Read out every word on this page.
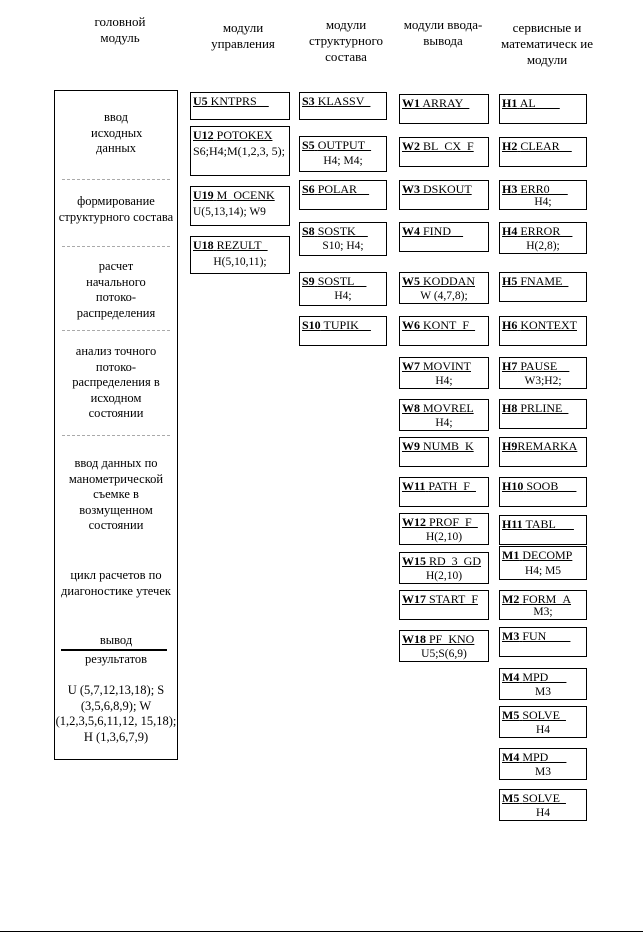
головной модуль
модули управления
модули структурного состава
модули ввода-вывода
сервисные и математическ ие модули
ввод исходных данных
формирование структурного состава
расчет начального потоко-распределения
анализ точного потоко-распределения в исходном состоянии
ввод данных по манометрической съемке в возмущенном состоянии
цикл расчетов по диагоностике утечек
вывод
результатов
U (5,7,12,13,18); S (3,5,6,8,9); W (1,2,3,5,6,11,12, 15,18); H (1,3,6,7,9)
U5 KNTPRS__
U12 POTOKEX
S6;H4;M(1,2,3, 5);
U19 M_OCENK
U(5,13,14); W9
U18 REZULT_
H(5,10,11);
S3 KLASSV_
S5 OUTPUT_
H4; M4;
S6 POLAR__
S8 SOSTK__
S10; H4;
S9 SOSTL__
H4;
S10 TUPIK__
W1 ARRAY_
W2 BL_CX_F
W3 DSKOUT
W4 FIND__
W5 KODDAN
W (4,7,8);
W6 KONT_F_
W7 MOVINT
H4;
W8 MOVREL
H4;
W9 NUMB_K
W11 PATH_F_
W12 PROF_F_
H(2,10)
W15 RD_3_GD
H(2,10)
W17 START_F
W18 PF_KNO
U5;S(6,9)
H1 AL____
H2 CLEAR__
H3 ERR0___
H4;
H4 ERROR__
H(2,8);
H5 FNAME_
H6 KONTEXT
H7 PAUSE__
W3;H2;
H8 PRLINE_
H9REMARKA
H10 SOOB___
H11 TABL___
M1 DECOMP
H4; M5
M2 FORM_A
M3;
M3 FUN____
M4 MPD___
M3
M5 SOLVE_
H4
M4 MPD___
M3
M5 SOLVE_
H4
